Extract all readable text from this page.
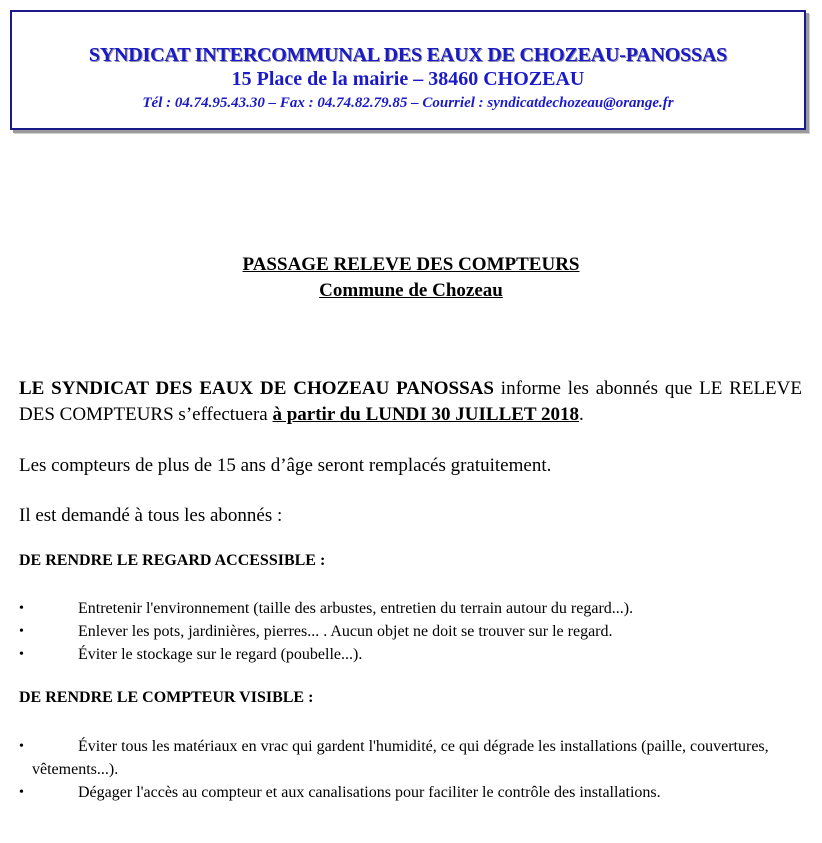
SYNDICAT INTERCOMMUNAL DES EAUX DE CHOZEAU-PANOSSAS
15 Place de la mairie – 38460 CHOZEAU
Tél : 04.74.95.43.30 – Fax : 04.74.82.79.85 – Courriel : syndicatdechozeau@orange.fr
PASSAGE RELEVE DES COMPTEURS
Commune de Chozeau
LE SYNDICAT DES EAUX DE CHOZEAU PANOSSAS informe les abonnés que LE RELEVE DES COMPTEURS s’effectuera à partir du LUNDI 30 JUILLET 2018.
Les compteurs de plus de 15 ans d’âge seront remplacés gratuitement.
Il est demandé à tous les abonnés :
DE RENDRE LE REGARD ACCESSIBLE :
•	Entretenir l'environnement (taille des arbustes, entretien du terrain autour du regard...).
•	Enlever les pots, jardinières, pierres... . Aucun objet ne doit se trouver sur le regard.
•	Éviter le stockage sur le regard (poubelle...).
DE RENDRE LE COMPTEUR VISIBLE :
•	Éviter tous les matériaux en vrac qui gardent l'humidité, ce qui dégrade les installations (paille, couvertures, vêtements...).
•	Dégager l'accès au compteur et aux canalisations pour faciliter le contrôle des installations.
